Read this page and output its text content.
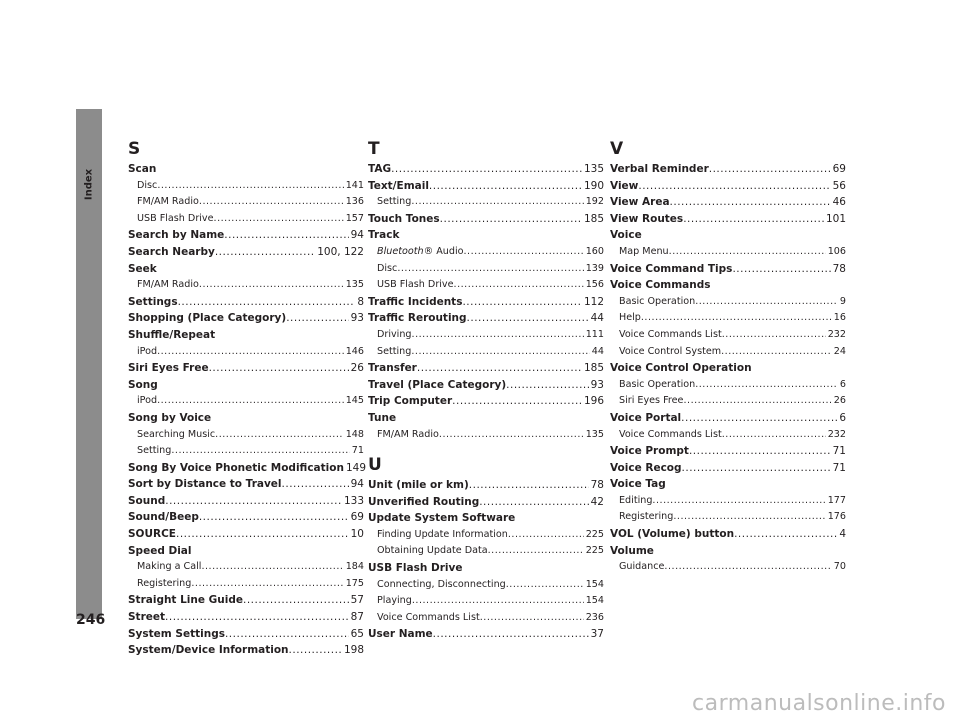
Index
246
S
Scan
Disc .....	141
FM/AM Radio .....	136
USB Flash Drive .....	157
Search by Name .....	94
Search Nearby .....	100, 122
Seek
FM/AM Radio .....	135
Settings .....	8
Shopping (Place Category) .....	93
Shuffle/Repeat
iPod .....	146
Siri Eyes Free .....	26
Song
iPod .....	145
Song by Voice
Searching Music .....	148
Setting .....	71
Song By Voice Phonetic Modification 149
Sort by Distance to Travel .....	94
Sound .....	133
Sound/Beep .....	69
SOURCE .....	10
Speed Dial
Making a Call .....	184
Registering .....	175
Straight Line Guide .....	57
Street .....	87
System Settings .....	65
System/Device Information .....	198
T
TAG .....	135
Text/Email .....	190
Setting .....	192
Touch Tones .....	185
Track
Bluetooth® Audio .....	160
Disc .....	139
USB Flash Drive .....	156
Traffic Incidents .....	112
Traffic Rerouting .....	44
Driving .....	111
Setting .....	44
Transfer .....	185
Travel (Place Category) .....	93
Trip Computer .....	196
Tune
FM/AM Radio .....	135
U
Unit (mile or km) .....	78
Unverified Routing .....	42
Update System Software
Finding Update Information .....	225
Obtaining Update Data .....	225
USB Flash Drive
Connecting, Disconnecting .....	154
Playing .....	154
Voice Commands List .....	236
User Name .....	37
V
Verbal Reminder .....	69
View .....	56
View Area .....	46
View Routes .....	101
Voice
Map Menu .....	106
Voice Command Tips .....	78
Voice Commands
Basic Operation .....	9
Help .....	16
Voice Commands List .....	232
Voice Control System .....	24
Voice Control Operation
Basic Operation .....	6
Siri Eyes Free .....	26
Voice Portal .....	6
Voice Commands List .....	232
Voice Prompt .....	71
Voice Recog .....	71
Voice Tag
Editing .....	177
Registering .....	176
VOL (Volume) button .....	4
Volume
Guidance .....	70
carmanualsonline.info
